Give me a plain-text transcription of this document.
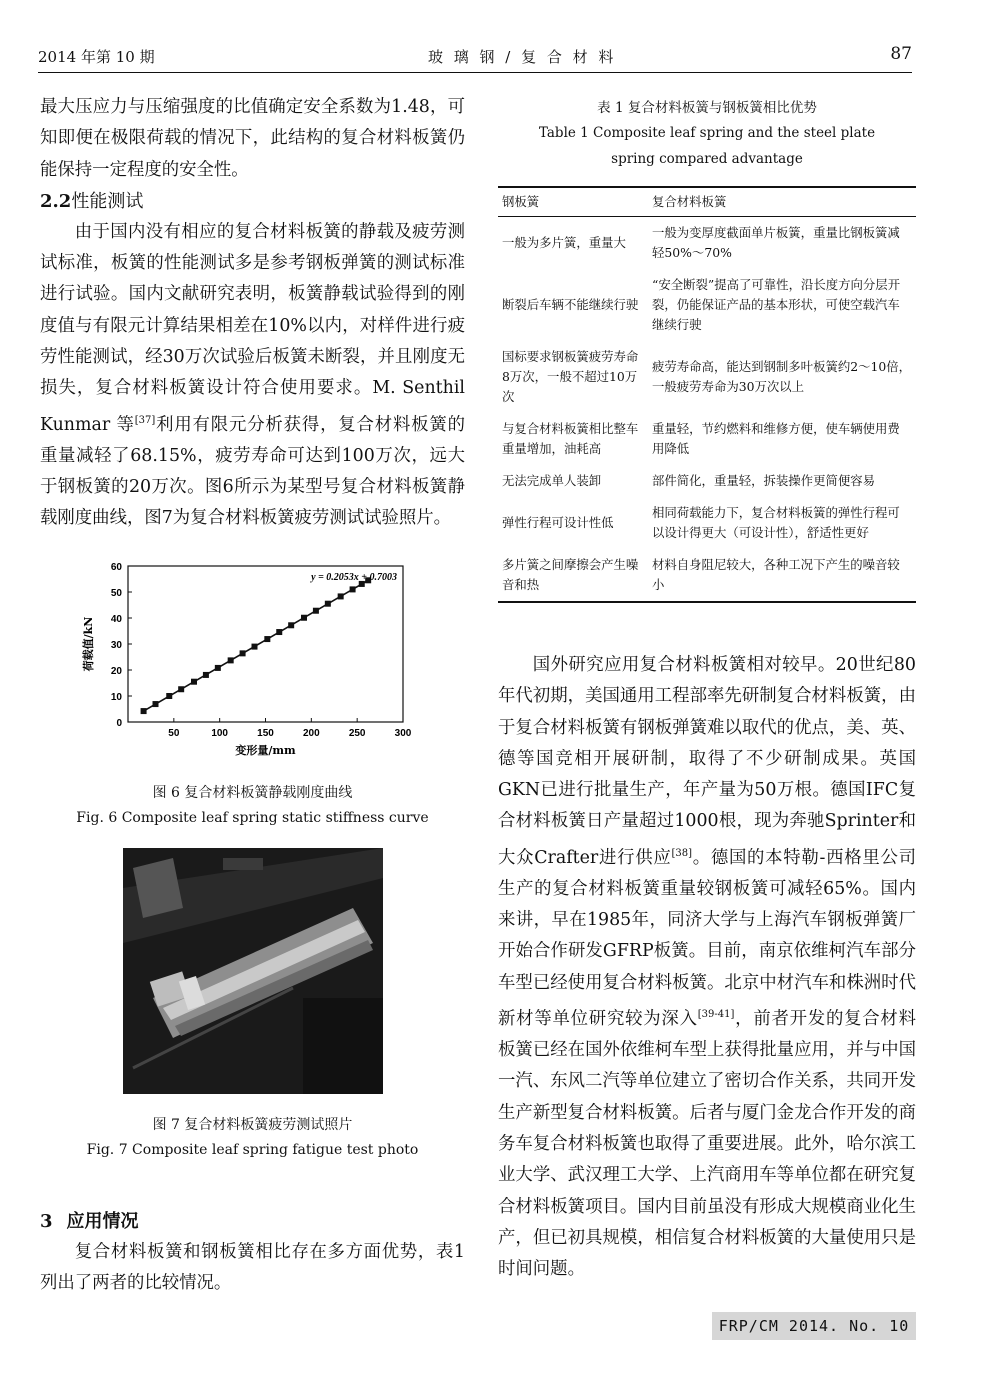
2014 年第 10 期	玻 璃 钢 / 复 合 材 料	87

最大压应力与压缩强度的比值确定安全系数为1.48，可知即便在极限荷载的情况下，此结构的复合材料板簧仍能保持一定程度的安全性。

2.2性能测试

由于国内没有相应的复合材料板簧的静载及疲劳测试标准，板簧的性能测试多是参考钢板弹簧的测试标准进行试验。国内文献研究表明，板簧静载试验得到的刚度值与有限元计算结果相差在10%以内，对样件进行疲劳性能测试，经30万次试验后板簧未断裂，并且刚度无损失，复合材料板簧设计符合使用要求。M. Senthil Kunmar 等[37]利用有限元分析获得，复合材料板簧的重量减轻了68.15%，疲劳寿命可达到100万次，远大于钢板簧的20万次。图6所示为某型号复合材料板簧静载刚度曲线，图7为复合材料板簧疲劳测试试验照片。

0
10
20
30
40
50
60
50	100	150	200	250	300
变形量/mm
荷载值/kN
y = 0.2053x + 0.7003
图 6 复合材料板簧静载刚度曲线
Fig. 6 Composite leaf spring static stiffness curve
图 7 复合材料板簧疲劳测试照片
Fig. 7 Composite leaf spring fatigue test photo

3 应用情况

复合材料板簧和钢板簧相比存在多方面优势，表1列出了两者的比较情况。

表 1 复合材料板簧与钢板簧相比优势
Table 1 Composite leaf spring and the steel plate
spring compared advantage
钢板簧	复合材料板簧
一般为多片簧，重量大	一般为变厚度截面单片板簧，重量比钢板簧减轻50%～70%
断裂后车辆不能继续行驶	“安全断裂”提高了可靠性，沿长度方向分层开裂，仍能保证产品的基本形状，可使空载汽车继续行驶
国标要求钢板簧疲劳寿命8万次，一般不超过10万次	疲劳寿命高，能达到钢制多叶板簧约2～10倍，一般疲劳寿命为30万次以上
与复合材料板簧相比整车重量增加，油耗高	重量轻，节约燃料和维修方便，使车辆使用费用降低
无法完成单人装卸	部件简化，重量轻，拆装操作更简便容易
弹性行程可设计性低	相同荷载能力下，复合材料板簧的弹性行程可以设计得更大（可设计性），舒适性更好
多片簧之间摩擦会产生噪音和热	材料自身阻尼较大，各种工况下产生的噪音较小

国外研究应用复合材料板簧相对较早。20世纪80年代初期，美国通用工程部率先研制复合材料板簧，由于复合材料板簧有钢板弹簧难以取代的优点，美、英、德等国竞相开展研制，取得了不少研制成果。英国GKN已进行批量生产，年产量为50万根。德国IFC复合材料板簧日产量超过1000根，现为奔驰Sprinter和大众Crafter进行供应[38]。德国的本特勒-西格里公司生产的复合材料板簧重量较钢板簧可减轻65%。国内来讲，早在1985年，同济大学与上海汽车钢板弹簧厂开始合作研发GFRP板簧。目前，南京依维柯汽车部分车型已经使用复合材料板簧。北京中材汽车和株洲时代新材等单位研究较为深入[39-41]，前者开发的复合材料板簧已经在国外依维柯车型上获得批量应用，并与中国一汽、东风二汽等单位建立了密切合作关系，共同开发生产新型复合材料板簧。后者与厦门金龙合作开发的商务车复合材料板簧也取得了重要进展。此外，哈尔滨工业大学、武汉理工大学、上汽商用车等单位都在研究复合材料板簧项目。国内目前虽没有形成大规模商业化生产，但已初具规模，相信复合材料板簧的大量使用只是时间问题。

FRP/CM 2014. No. 10
